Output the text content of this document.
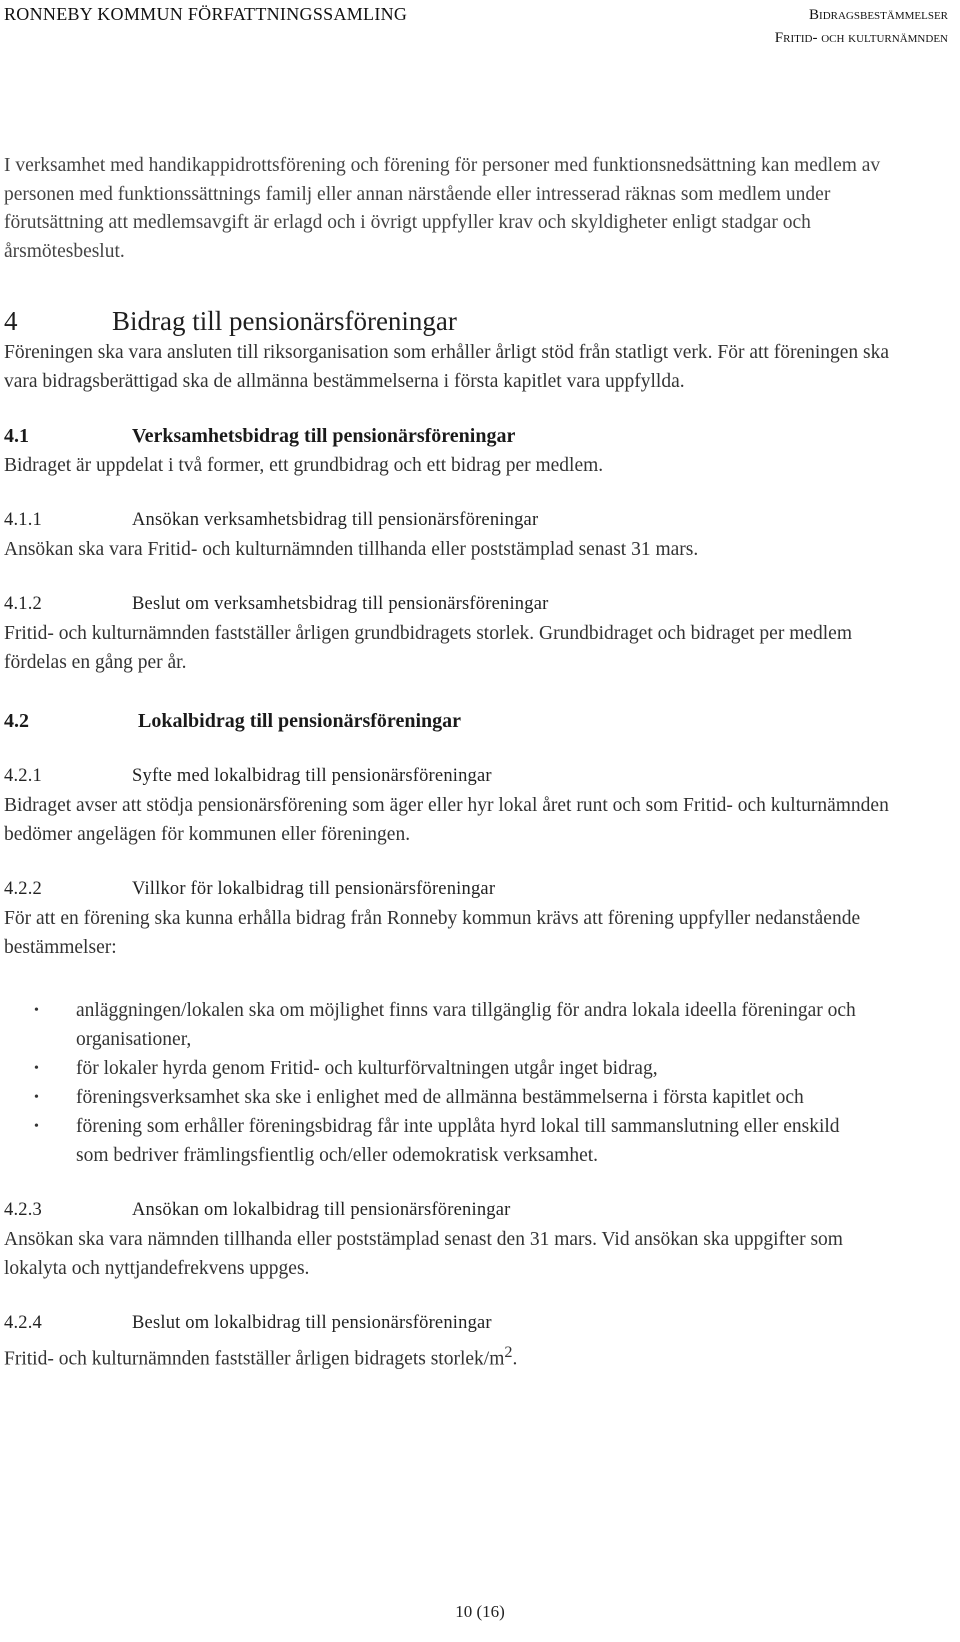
RONNEBY KOMMUN FÖRFATTNINGSSAMLING	Bidragsbestämmelser
Fritid- och kulturnämnden

I verksamhet med handikappidrottsförening och förening för personer med funktionsnedsättning kan medlem av personen med funktionssättnings familj eller annan närstående eller intresserad räknas som medlem under förutsättning att medlemsavgift är erlagd och i övrigt uppfyller krav och skyldigheter enligt stadgar och årsmötesbeslut.

4	Bidrag till pensionärsföreningar

Föreningen ska vara ansluten till riksorganisation som erhåller årligt stöd från statligt verk. För att föreningen ska vara bidragsberättigad ska de allmänna bestämmelserna i första kapitlet vara uppfyllda.

4.1	Verksamhetsbidrag till pensionärsföreningar

Bidraget är uppdelat i två former, ett grundbidrag och ett bidrag per medlem.

4.1.1	Ansökan verksamhetsbidrag till pensionärsföreningar

Ansökan ska vara Fritid- och kulturnämnden tillhanda eller poststämplad senast 31 mars.

4.1.2	Beslut om verksamhetsbidrag till pensionärsföreningar

Fritid- och kulturnämnden fastställer årligen grundbidragets storlek. Grundbidraget och bidraget per medlem fördelas en gång per år.

4.2	Lokalbidrag till pensionärsföreningar
4.2.1	Syfte med lokalbidrag till pensionärsföreningar

Bidraget avser att stödja pensionärsförening som äger eller hyr lokal året runt och som Fritid- och kulturnämnden bedömer angelägen för kommunen eller föreningen.

4.2.2	Villkor för lokalbidrag till pensionärsföreningar

För att en förening ska kunna erhålla bidrag från Ronneby kommun krävs att förening uppfyller nedanstående bestämmelser:

•	anläggningen/lokalen ska om möjlighet finns vara tillgänglig för andra lokala ideella föreningar och organisationer,
•	för lokaler hyrda genom Fritid- och kulturförvaltningen utgår inget bidrag,
•	föreningsverksamhet ska ske i enlighet med de allmänna bestämmelserna i första kapitlet och
•	förening som erhåller föreningsbidrag får inte upplåta hyrd lokal till sammanslutning eller enskild som bedriver främlingsfientlig och/eller odemokratisk verksamhet.
4.2.3	Ansökan om lokalbidrag till pensionärsföreningar

Ansökan ska vara nämnden tillhanda eller poststämplad senast den 31 mars. Vid ansökan ska uppgifter som lokalyta och nyttjandefrekvens uppges.

4.2.4	Beslut om lokalbidrag till pensionärsföreningar

Fritid- och kulturnämnden fastställer årligen bidragets storlek/$m^2$.

10 (16)
